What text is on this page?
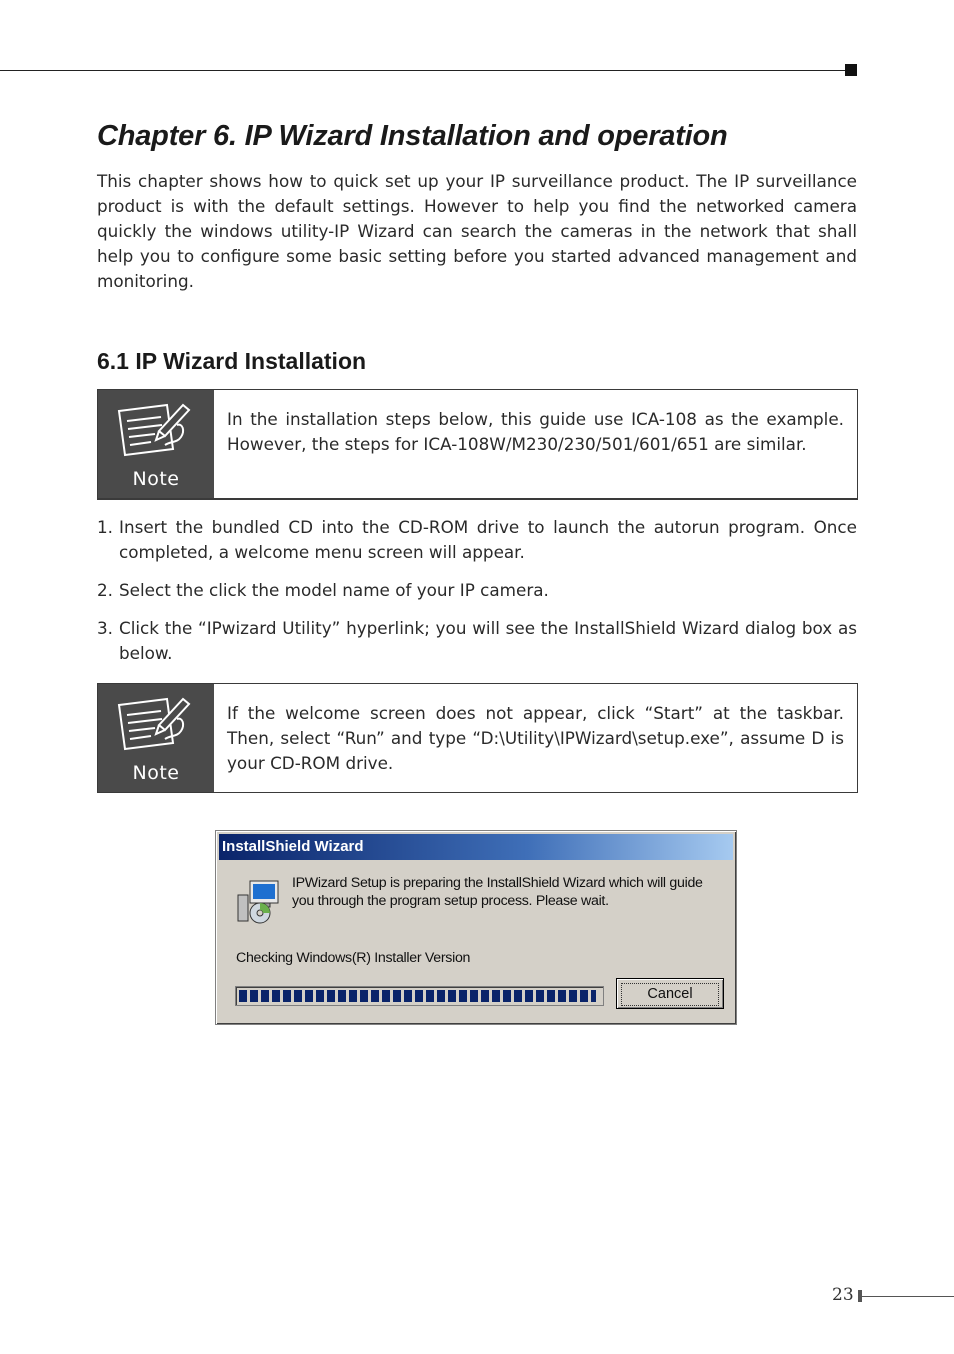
Chapter 6. IP Wizard Installation and operation

This chapter shows how to quick set up your IP surveillance product. The IP surveillance product is with the default settings. However to help you find the networked camera quickly the windows utility-IP Wizard can search the cameras in the network that shall help you to configure some basic setting before you started advanced management and monitoring.

6.1 IP Wizard Installation
Note

In the installation steps below, this guide use ICA-108 as the example. However, the steps for ICA-108W/M230/230/501/601/651 are similar.

1. Insert the bundled CD into the CD-ROM drive to launch the autorun program. Once completed, a welcome menu screen will appear.
2. Select the click the model name of your IP camera.
3. Click the “IPwizard Utility” hyperlink; you will see the InstallShield Wizard dialog box as below.
Note

If the welcome screen does not appear, click “Start” at the taskbar. Then, select “Run” and type “D:\Utility\IPWizard\setup.exe”, assume D is your CD-ROM drive.

InstallShield Wizard

IPWizard Setup is preparing the InstallShield Wizard which will guide you through the program setup process. Please wait.

Checking Windows(R) Installer Version
Cancel
23
